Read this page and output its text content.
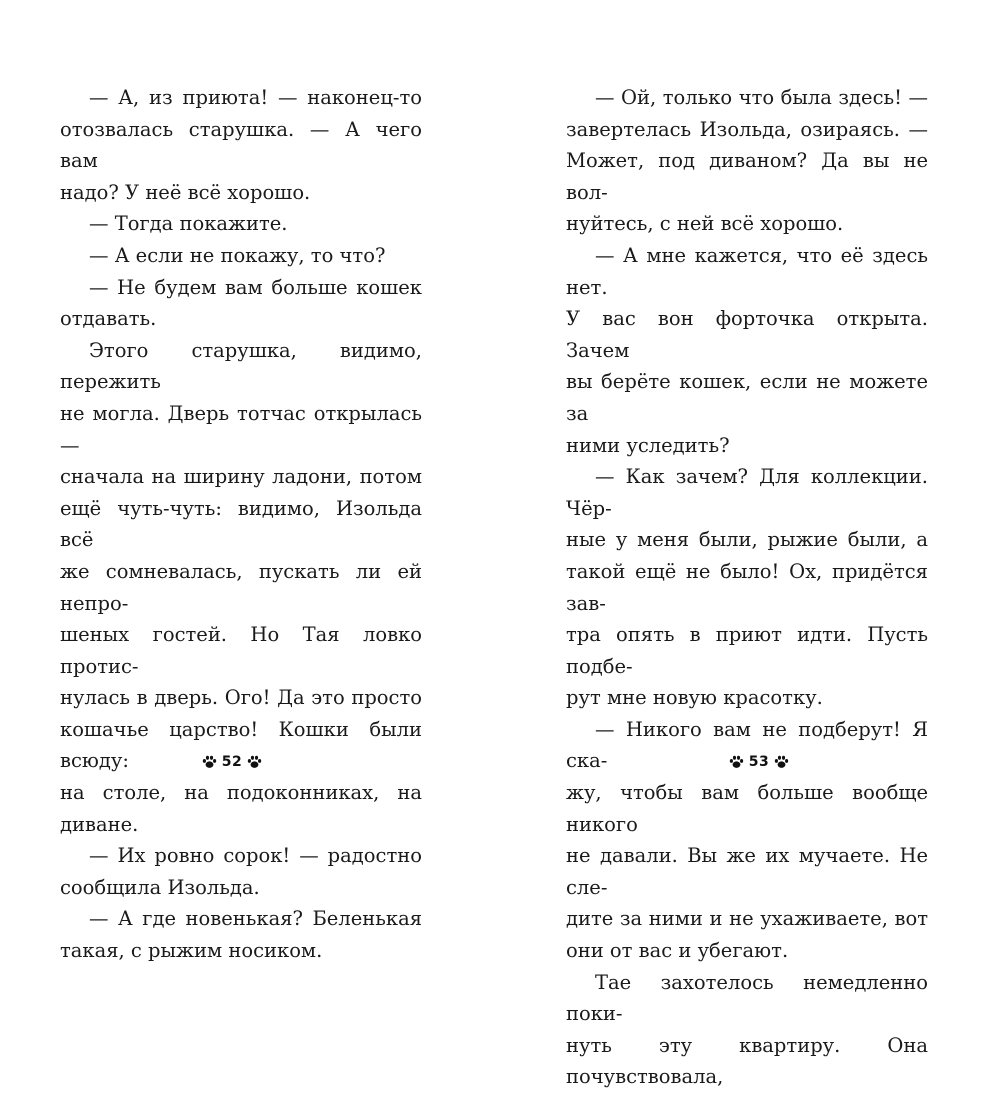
— А, из приюта! — наконец-то

отозвалась старушка. — А чего вам

надо? У неё всё хорошо.

— Тогда покажите.

— А если не покажу, то что?

— Не будем вам больше кошек

отдавать.

Этого старушка, видимо, пережить

не могла. Дверь тотчас открылась —

сначала на ширину ладони, потом

ещё чуть-чуть: видимо, Изольда всё

же сомневалась, пускать ли ей непро-

шеных гостей. Но Тая ловко протис-

нулась в дверь. Ого! Да это просто

кошачье царство! Кошки были всюду:

на столе, на подоконниках, на диване.

— Их ровно сорок! — радостно

сообщила Изольда.

— А где новенькая? Беленькая

такая, с рыжим носиком.

— Ой, только что была здесь! —

завертелась Изольда, озираясь. —

Может, под диваном? Да вы не вол-

нуйтесь, с ней всё хорошо.

— А мне кажется, что её здесь нет.

У вас вон форточка открыта. Зачем

вы берёте кошек, если не можете за

ними уследить?

— Как зачем? Для коллекции. Чёр-

ные у меня были, рыжие были, а

такой ещё не было! Ох, придётся зав-

тра опять в приют идти. Пусть подбе-

рут мне новую красотку.

— Никого вам не подберут! Я ска-

жу, чтобы вам больше вообще никого

не давали. Вы же их мучаете. Не сле-

дите за ними и не ухаживаете, вот

они от вас и убегают.

Тае захотелось немедленно поки-

нуть эту квартиру. Она почувствовала,

52	53
